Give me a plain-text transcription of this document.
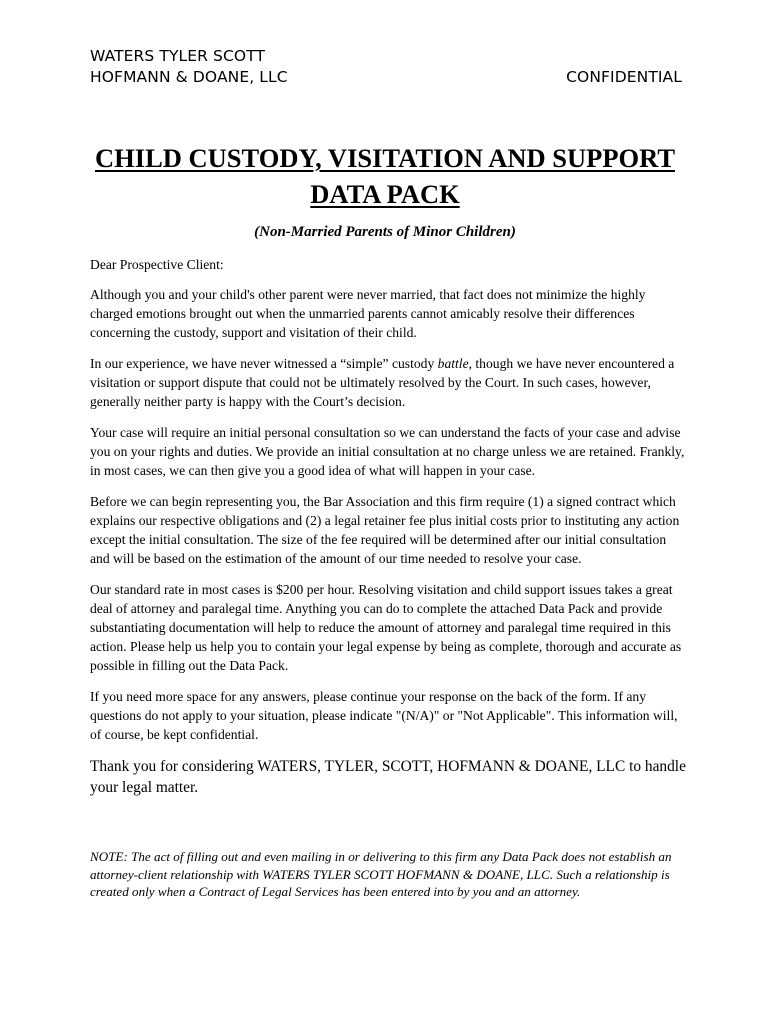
WATERS TYLER SCOTT
HOFMANN & DOANE, LLC	CONFIDENTIAL
CHILD CUSTODY, VISITATION AND SUPPORT
DATA PACK
(Non-Married Parents of Minor Children)

Dear Prospective Client:

Although you and your child's other parent were never married, that fact does not minimize the highly charged emotions brought out when the unmarried parents cannot amicably resolve their differences concerning the custody, support and visitation of their child.

In our experience, we have never witnessed a “simple” custody battle, though we have never encountered a visitation or support dispute that could not be ultimately resolved by the Court. In such cases, however, generally neither party is happy with the Court’s decision.

Your case will require an initial personal consultation so we can understand the facts of your case and advise you on your rights and duties. We provide an initial consultation at no charge unless we are retained. Frankly, in most cases, we can then give you a good idea of what will happen in your case.

Before we can begin representing you, the Bar Association and this firm require (1) a signed contract which explains our respective obligations and (2) a legal retainer fee plus initial costs prior to instituting any action except the initial consultation. The size of the fee required will be determined after our initial consultation and will be based on the estimation of the amount of our time needed to resolve your case.

Our standard rate in most cases is $200 per hour. Resolving visitation and child support issues takes a great deal of attorney and paralegal time. Anything you can do to complete the attached Data Pack and provide substantiating documentation will help to reduce the amount of attorney and paralegal time required in this action. Please help us help you to contain your legal expense by being as complete, thorough and accurate as possible in filling out the Data Pack.

If you need more space for any answers, please continue your response on the back of the form. If any questions do not apply to your situation, please indicate "(N/A)" or "Not Applicable". This information will, of course, be kept confidential.

Thank you for considering WATERS, TYLER, SCOTT, HOFMANN & DOANE, LLC to handle your legal matter.

NOTE: The act of filling out and even mailing in or delivering to this firm any Data Pack does not establish an attorney-client relationship with WATERS TYLER SCOTT HOFMANN & DOANE, LLC. Such a relationship is created only when a Contract of Legal Services has been entered into by you and an attorney.
